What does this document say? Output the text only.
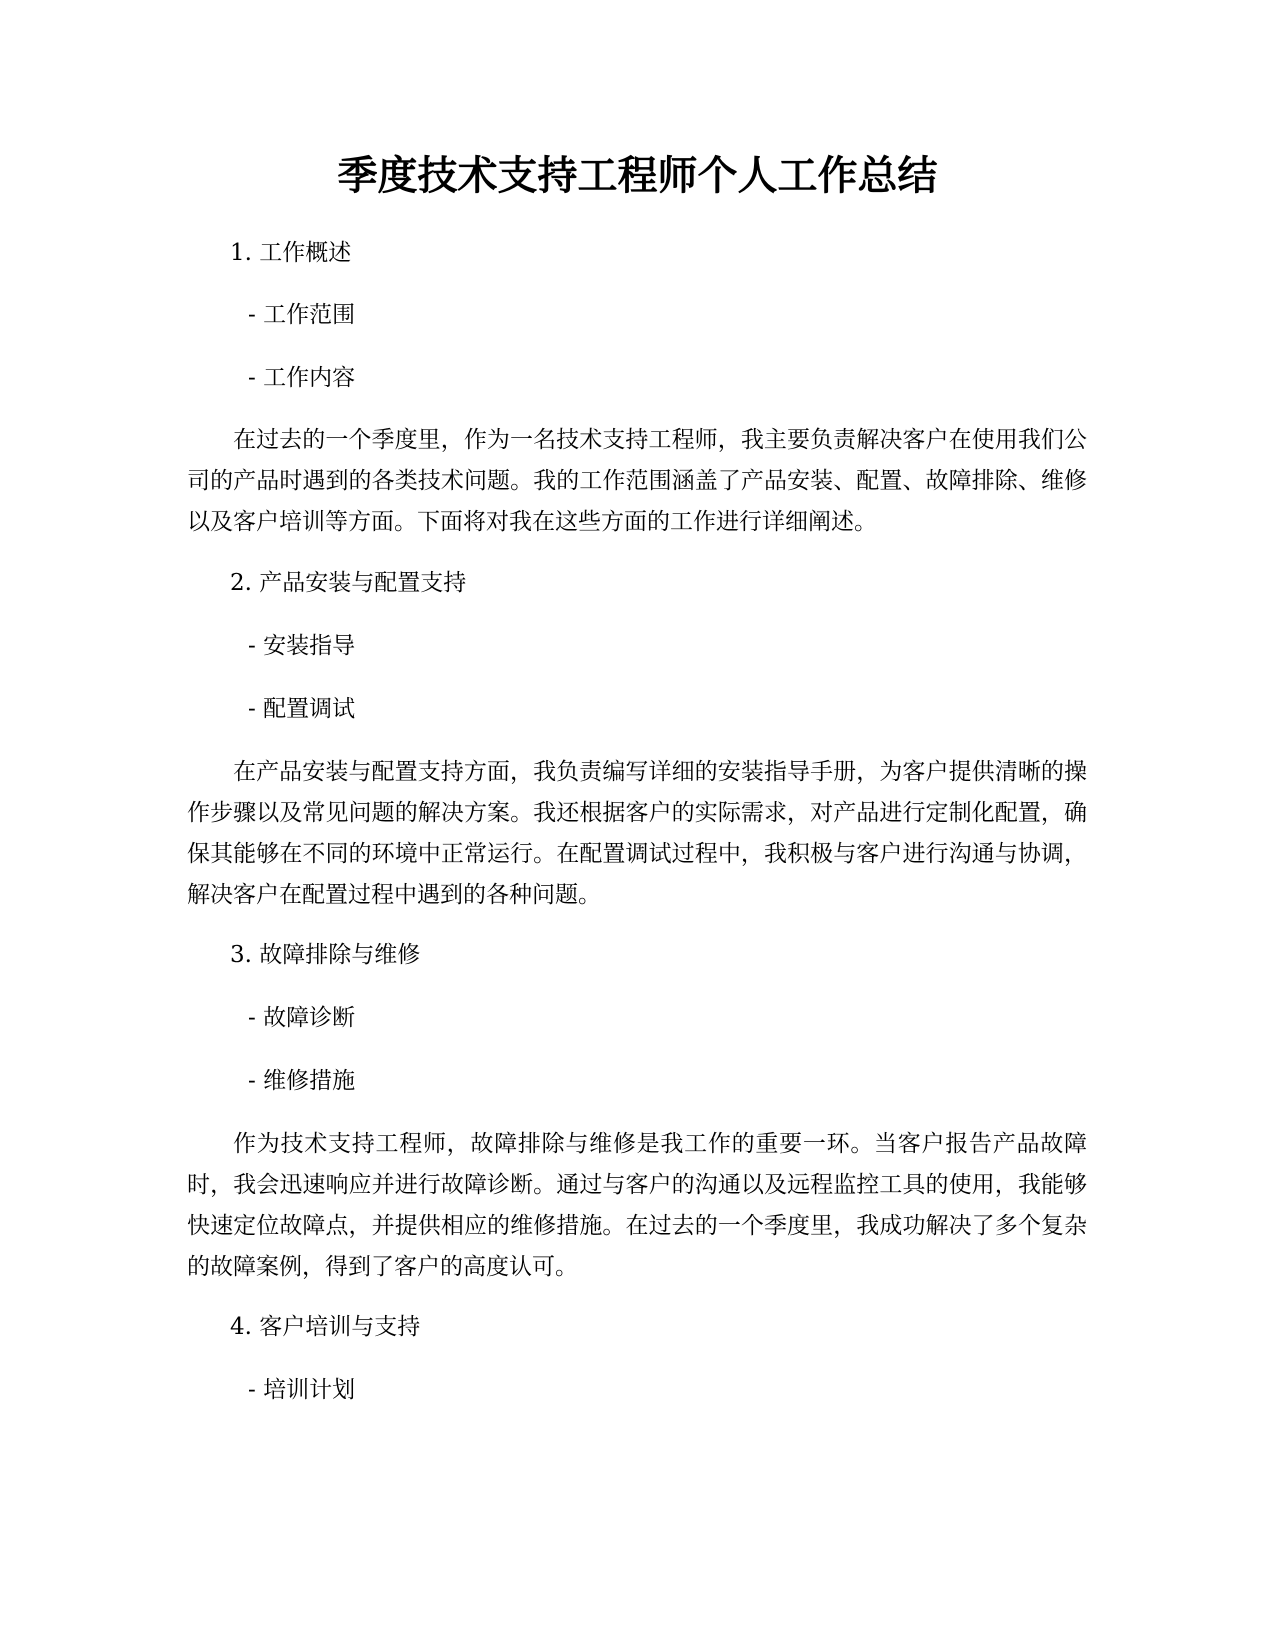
季度技术支持工程师个人工作总结

1. 工作概述

- 工作范围

- 工作内容

在过去的一个季度里，作为一名技术支持工程师，我主要负责解决客户在使用我们公司的产品时遇到的各类技术问题。我的工作范围涵盖了产品安装、配置、故障排除、维修以及客户培训等方面。下面将对我在这些方面的工作进行详细阐述。

2. 产品安装与配置支持

- 安装指导

- 配置调试

在产品安装与配置支持方面，我负责编写详细的安装指导手册，为客户提供清晰的操作步骤以及常见问题的解决方案。我还根据客户的实际需求，对产品进行定制化配置，确保其能够在不同的环境中正常运行。在配置调试过程中，我积极与客户进行沟通与协调，解决客户在配置过程中遇到的各种问题。

3. 故障排除与维修

- 故障诊断

- 维修措施

作为技术支持工程师，故障排除与维修是我工作的重要一环。当客户报告产品故障时，我会迅速响应并进行故障诊断。通过与客户的沟通以及远程监控工具的使用，我能够快速定位故障点，并提供相应的维修措施。在过去的一个季度里，我成功解决了多个复杂的故障案例，得到了客户的高度认可。

4. 客户培训与支持

- 培训计划
